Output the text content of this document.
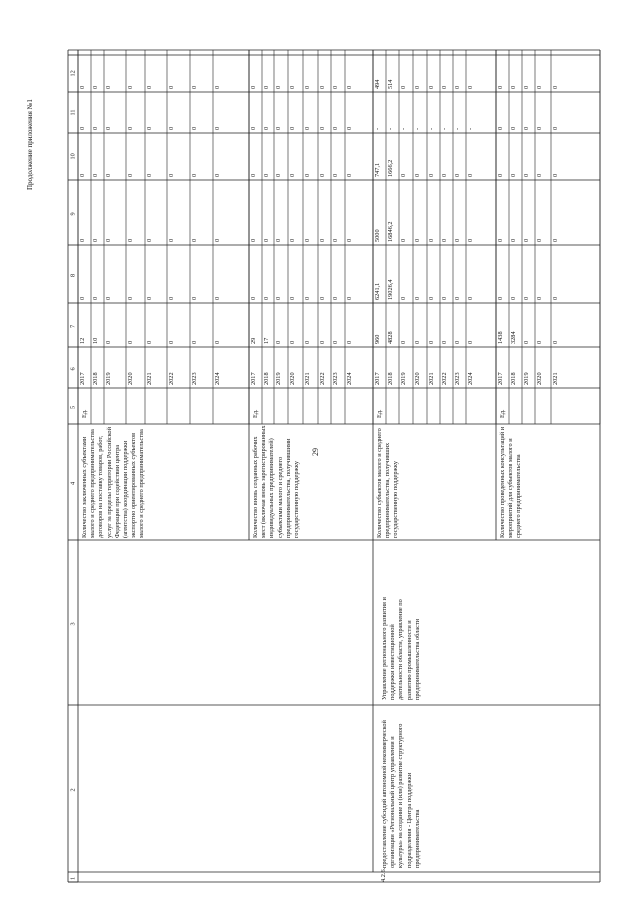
29
Продолжение приложения №1
1
2
3
4
5
6
7
8
9
10
11
12
4.2.6.
предоставление субсидий автономной некоммерческой организации «Региональный центр управления и культуры» на создание и (или) развитие структурного подразделения - Центра поддержки предпринимательства
Управление регионального развития и поддержки инвестиционной деятельности области, управление по развитию промышленности и предпринимательства области
Количество заключенных субъектами малого и среднего предпринимательства договоров на поставку товаров, работ, услуг за пределы территории Российской Федерации при содействии центра (агентства) координации поддержки экспортно ориентированных субъектов малого и среднего предпринимательства
Ед.
2017
12
0
0
0
0
0
2018
10
0
0
0
0
0
2019
0
0
0
0
0
0
2020
0
0
0
0
0
0
2021
0
0
0
0
0
0
2022
0
0
0
0
0
0
2023
0
0
0
0
0
0
2024
0
0
0
0
0
0
Количество вновь созданных рабочих мест (включая вновь зарегистрированных индивидуальных предпринимателей) субъектами малого и среднего предпринимательства, получившими государственную поддержку
Ед.
2017
29
0
0
0
0
0
2018
17
0
0
0
0
0
2019
0
0
0
0
0
0
2020
0
0
0
0
0
0
2021
0
0
0
0
0
0
2022
0
0
0
0
0
0
2023
0
0
0
0
0
0
2024
0
0
0
0
0
0
Количество субъектов малого и среднего предпринимательства, получивших государственную поддержку
Ед.
2017
960
6241,1
5000
747,1
-
494
2018
4828
19026,4
16846,2
1666,2
-
514
2019
0
0
0
0
-
0
2020
0
0
0
0
-
0
2021
0
0
0
0
-
0
2022
0
0
0
0
-
0
2023
0
0
0
0
-
0
2024
0
0
0
0
-
0
Количество проведенных консультаций и мероприятий для субъектов малого и среднего предпринимательства
Ед.
2017
1438
0
0
0
0
0
2018
3284
0
0
0
0
0
2019
0
0
0
0
0
0
2020
0
0
0
0
0
0
2021
0
0
0
0
0
0
